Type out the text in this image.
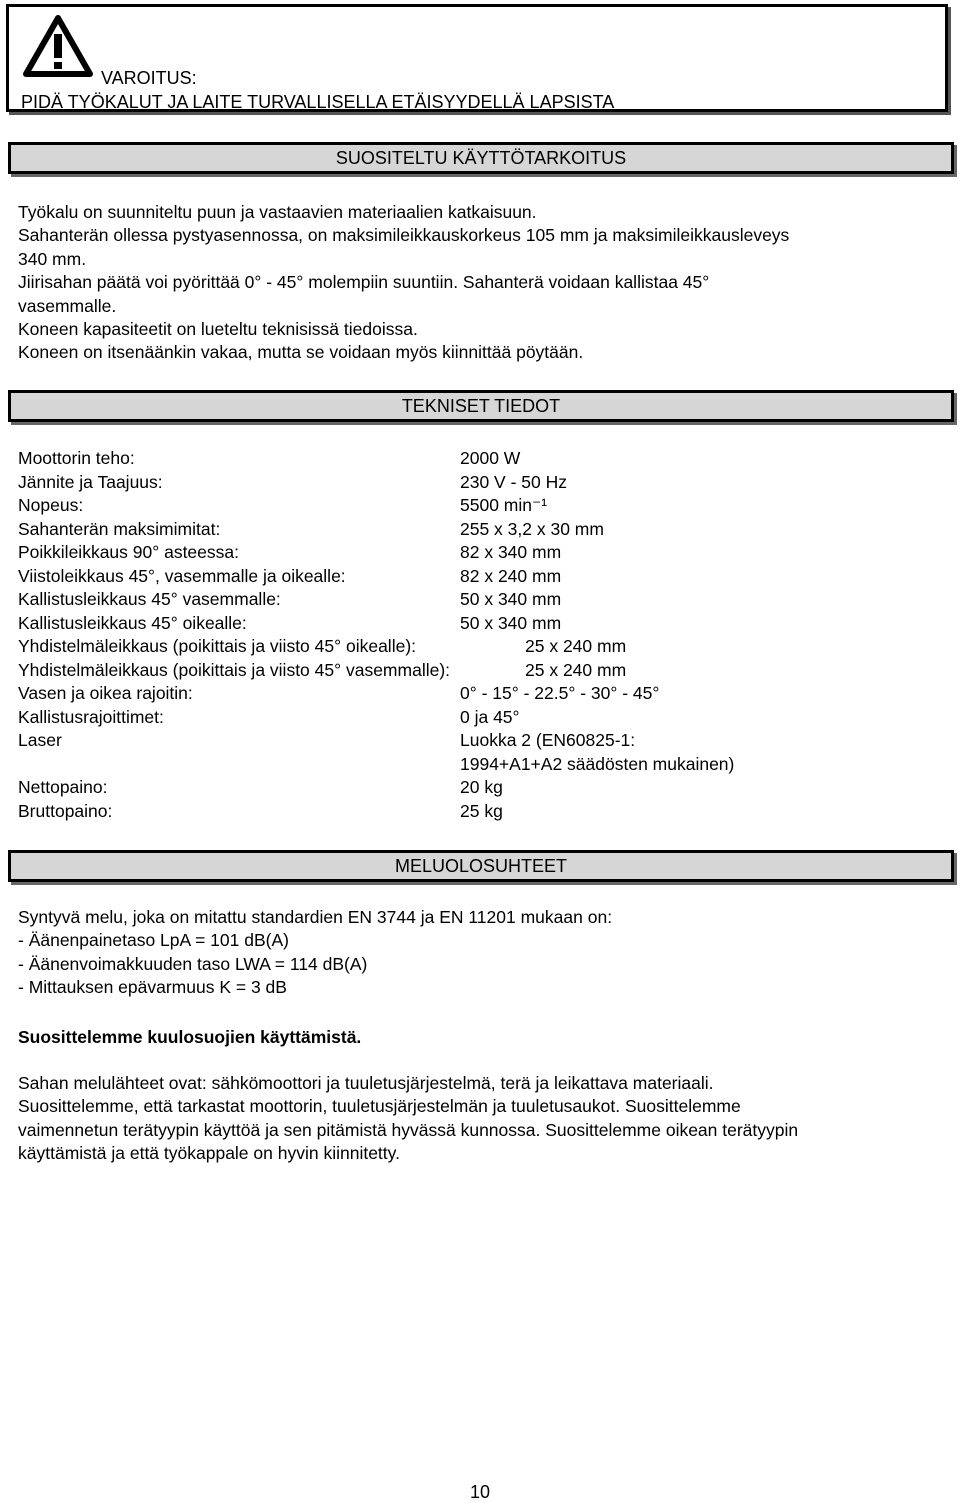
VAROITUS:
PIDÄ TYÖKALUT JA LAITE TURVALLISELLA ETÄISYYDELLÄ LAPSISTA
SUOSITELTU KÄYTTÖTARKOITUS

Työkalu on suunniteltu puun ja vastaavien materiaalien katkaisuun.

Sahanterän ollessa pystyasennossa, on maksimileikkauskorkeus 105 mm ja maksimileikkausleveys

340 mm.

Jiirisahan päätä voi pyörittää 0° - 45° molempiin suuntiin. Sahanterä voidaan kallistaa 45°

vasemmalle.

Koneen kapasiteetit on lueteltu teknisissä tiedoissa.

Koneen on itsenäänkin vakaa, mutta se voidaan myös kiinnittää pöytään.

TEKNISET TIEDOT
Moottorin teho:	2000 W
Jännite ja Taajuus:	230 V - 50 Hz
Nopeus:	5500 min⁻¹
Sahanterän maksimimitat:	255 x 3,2 x 30 mm
Poikkileikkaus 90° asteessa:	82 x 340 mm
Viistoleikkaus 45°, vasemmalle ja oikealle:	82 x 240 mm
Kallistusleikkaus 45° vasemmalle:	50 x 340 mm
Kallistusleikkaus 45° oikealle:	50 x 340 mm
Yhdistelmäleikkaus (poikittais ja viisto 45° oikealle):	25 x 240 mm
Yhdistelmäleikkaus (poikittais ja viisto 45° vasemmalle):	25 x 240 mm
Vasen ja oikea rajoitin:	0° - 15° - 22.5° - 30° - 45°
Kallistusrajoittimet:	0 ja 45°
Laser	Luokka 2 (EN60825-1:
1994+A1+A2 säädösten mukainen)
Nettopaino:	20 kg
Bruttopaino:	25 kg
MELUOLOSUHTEET

Syntyvä melu, joka on mitattu standardien EN 3744 ja EN 11201 mukaan on:

- Äänenpainetaso LpA = 101 dB(A)

- Äänenvoimakkuuden taso LWA = 114 dB(A)

- Mittauksen epävarmuus K = 3 dB

Suosittelemme kuulosuojien käyttämistä.

Sahan melulähteet ovat: sähkömoottori ja tuuletusjärjestelmä, terä ja leikattava materiaali.

Suosittelemme, että tarkastat moottorin, tuuletusjärjestelmän ja tuuletusaukot. Suosittelemme

vaimennetun terätyypin käyttöä ja sen pitämistä hyvässä kunnossa. Suosittelemme oikean terätyypin

käyttämistä ja että työkappale on hyvin kiinnitetty.

10
